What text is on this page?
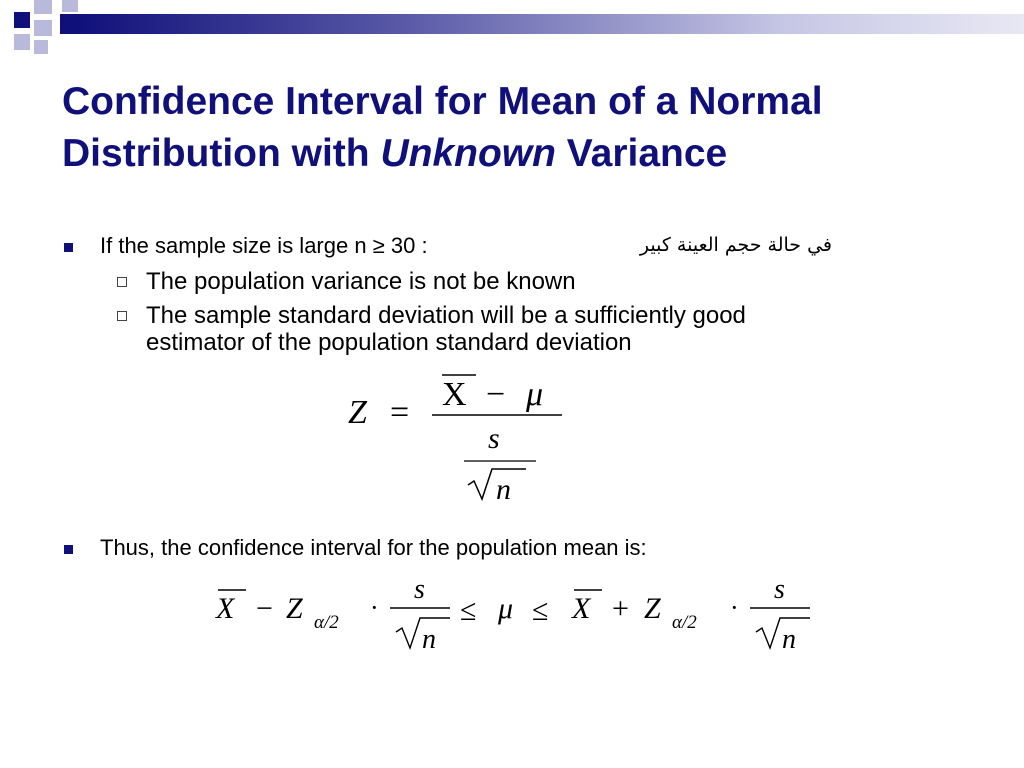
Confidence Interval for Mean of a Normal Distribution with Unknown Variance
If the sample size is large n ≥ 30 :	في حالة حجم العينة كبير
The population variance is not be known
The sample standard deviation will be a sufficiently good
estimator of the population standard deviation
Z = X − μ
s
n
Thus, the confidence interval for the population mean is:
X − Z α/2
·
s
n
≤ μ ≤ X + Z α/2
·
s
n
